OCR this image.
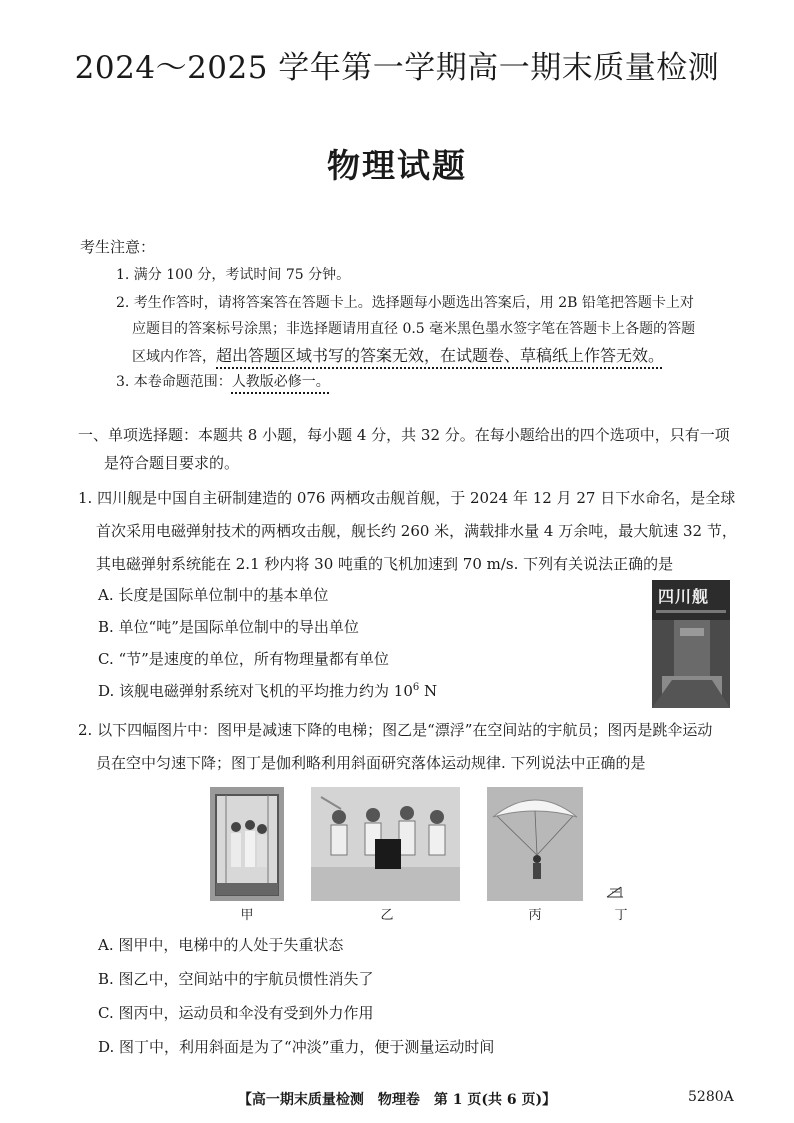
2024～2025 学年第一学期高一期末质量检测
物理试题
考生注意：
1. 满分 100 分，考试时间 75 分钟。
2. 考生作答时，请将答案答在答题卡上。选择题每小题选出答案后，用 2B 铅笔把答题卡上对
应题目的答案标号涂黑；非选择题请用直径 0.5 毫米黑色墨水签字笔在答题卡上各题的答题
区域内作答，超出答题区域书写的答案无效，在试题卷、草稿纸上作答无效。
3. 本卷命题范围：人教版必修一。
一、单项选择题：本题共 8 小题，每小题 4 分，共 32 分。在每小题给出的四个选项中，只有一项
是符合题目要求的。
1. 四川舰是中国自主研制建造的 076 两栖攻击舰首舰，于 2024 年 12 月 27 日下水命名，是全球
首次采用电磁弹射技术的两栖攻击舰，舰长约 260 米，满载排水量 4 万余吨，最大航速 32 节，
其电磁弹射系统能在 2.1 秒内将 30 吨重的飞机加速到 70 m/s. 下列有关说法正确的是
A. 长度是国际单位制中的基本单位
B. 单位“吨”是国际单位制中的导出单位
C. “节”是速度的单位，所有物理量都有单位
D. 该舰电磁弹射系统对飞机的平均推力约为 $10^6$ N
四川舰
2. 以下四幅图片中：图甲是减速下降的电梯；图乙是“漂浮”在空间站的宇航员；图丙是跳伞运动
员在空中匀速下降；图丁是伽利略利用斜面研究落体运动规律. 下列说法中正确的是
甲	乙	丙	丁
A. 图甲中，电梯中的人处于失重状态
B. 图乙中，空间站中的宇航员惯性消失了
C. 图丙中，运动员和伞没有受到外力作用
D. 图丁中，利用斜面是为了“冲淡”重力，便于测量运动时间
【高一期末质量检测　物理卷　第 1 页(共 6 页)】	5280A
